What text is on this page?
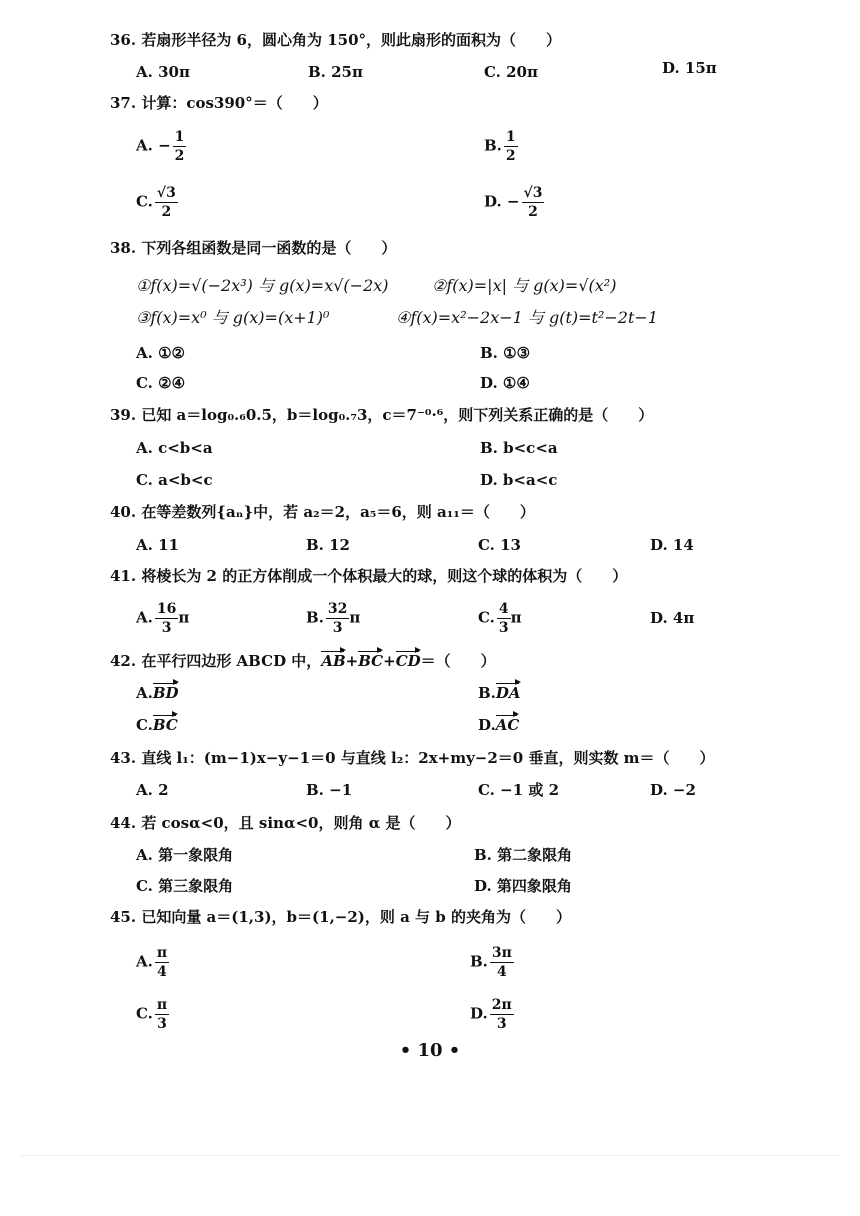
36. 若扇形半径为 6，圆心角为 150°，则此扇形的面积为（　　）
A. 30π	B. 25π	C. 20π	D. 15π
37. 计算：cos390°＝（　　）
A. − $\frac{1}{2}$	B. $\frac{1}{2}$
C. $\frac{√3}{2}$	D. − $\frac{√3}{2}$
38. 下列各组函数是同一函数的是（　　）
①f(x)=√(−2x³) 与 g(x)=x√(−2x)	②f(x)=|x| 与 g(x)=√(x²)
③f(x)=x⁰ 与 g(x)=(x+1)⁰	④f(x)=x²−2x−1 与 g(t)=t²−2t−1
A. ①②	B. ①③
C. ②④	D. ①④
39. 已知 a＝log₀.₆0.5，b＝log₀.₇3，c＝7⁻⁰·⁶，则下列关系正确的是（　　）
A. c<b<a	B. b<c<a
C. a<b<c	D. b<a<c
40. 在等差数列{aₙ}中，若 a₂＝2，a₅＝6，则 a₁₁＝（　　）
A. 11	B. 12	C. 13	D. 14
41. 将棱长为 2 的正方体削成一个体积最大的球，则这个球的体积为（　　）
A. $\frac{16}{3}$ π	B. $\frac{32}{3}$ π	C. $\frac{4}{3}$ π	D. 4π
42. 在平行四边形 ABCD 中，AB+BC+CD＝（　　）
A.BD	B.DA
C.BC	D.AC
43. 直线 l₁：(m−1)x−y−1＝0 与直线 l₂：2x+my−2＝0 垂直，则实数 m＝（　　）
A. 2	B. −1	C. −1 或 2	D. −2
44. 若 cosα<0，且 sinα<0，则角 α 是（　　）
A. 第一象限角	B. 第二象限角
C. 第三象限角	D. 第四象限角
45. 已知向量 a＝(1,3)，b＝(1,−2)，则 a 与 b 的夹角为（　　）
A. $\frac{\pi}{4}$	B. $\frac{3\pi}{4}$
C. $\frac{\pi}{3}$	D. $\frac{2\pi}{3}$
• 10 •
